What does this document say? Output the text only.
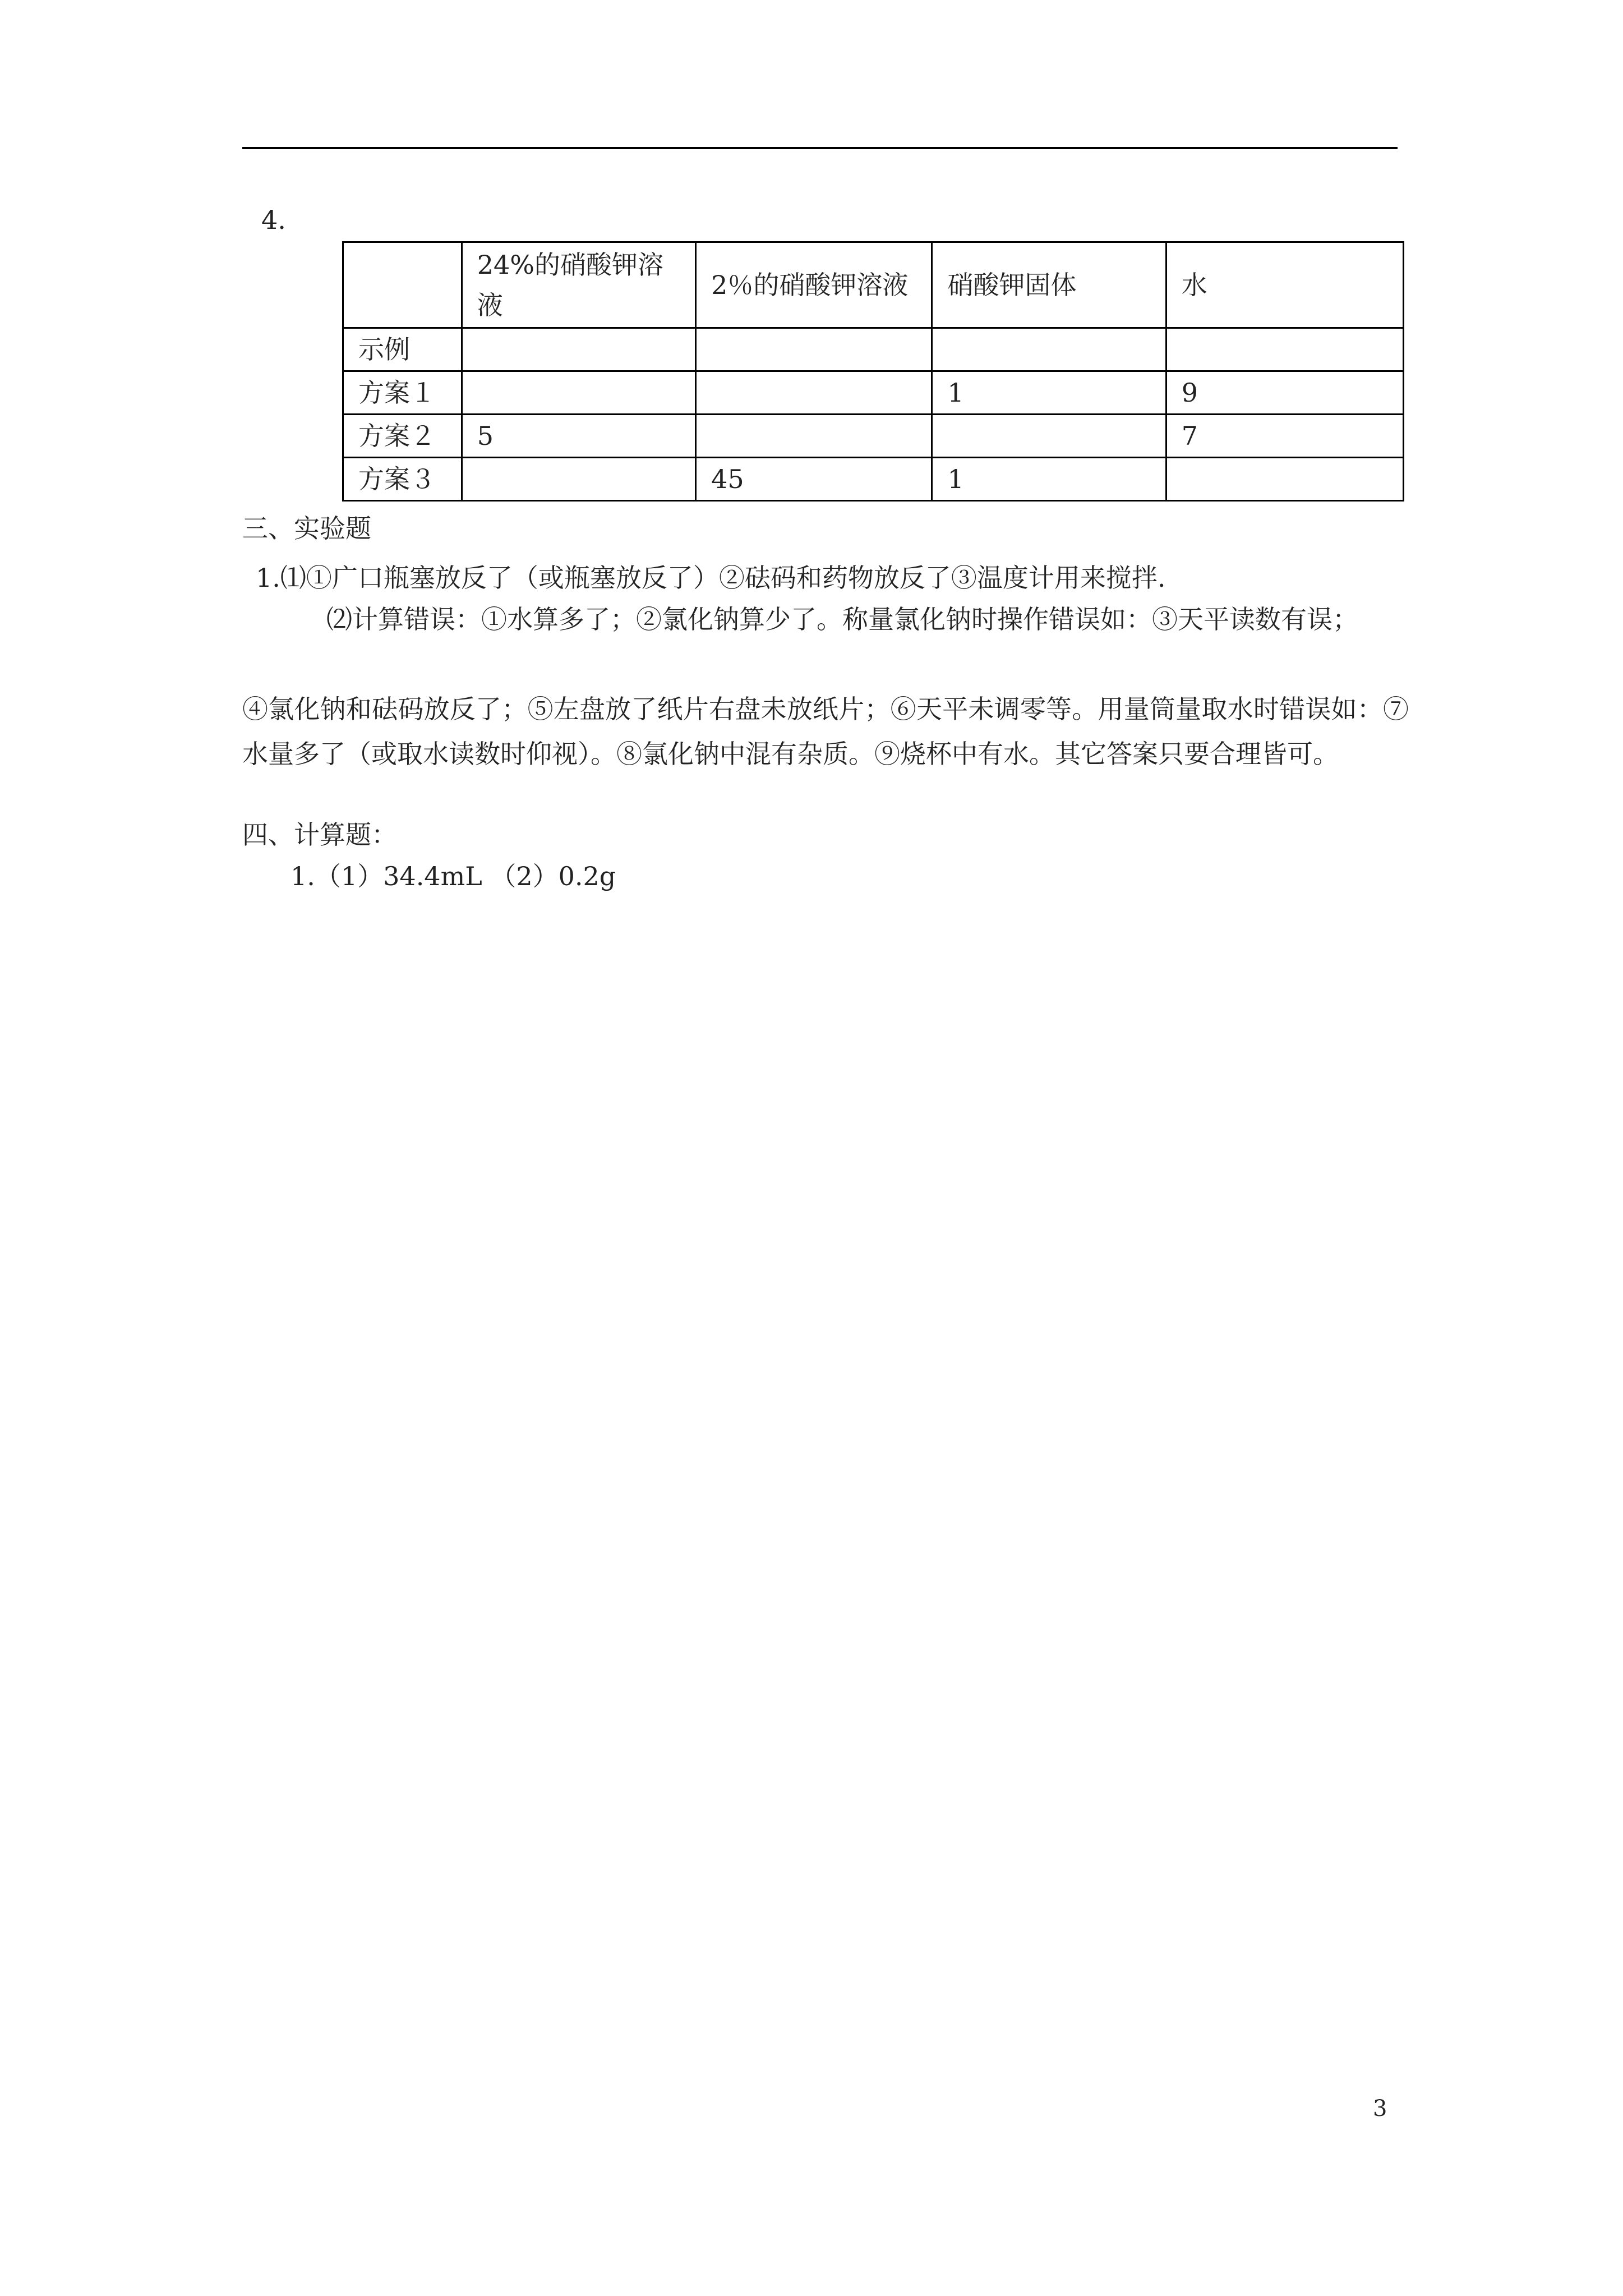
4.
	24%的硝酸钾溶液	2％的硝酸钾溶液	硝酸钾固体	水
示例				
方案１			1	9
方案２	5			7
方案３		45	1	
三、实验题
1.⑴①广口瓶塞放反了（或瓶塞放反了）②砝码和药物放反了③温度计用来搅拌.
⑵计算错误：①水算多了；②氯化钠算少了。称量氯化钠时操作错误如：③天平读数有误；
④氯化钠和砝码放反了；⑤左盘放了纸片右盘未放纸片；⑥天平未调零等。用量筒量取水时错误如：⑦水量多了（或取水读数时仰视）。⑧氯化钠中混有杂质。⑨烧杯中有水。其它答案只要合理皆可。
四、计算题：
1.（1）34.4mL （2）0.2g
3
